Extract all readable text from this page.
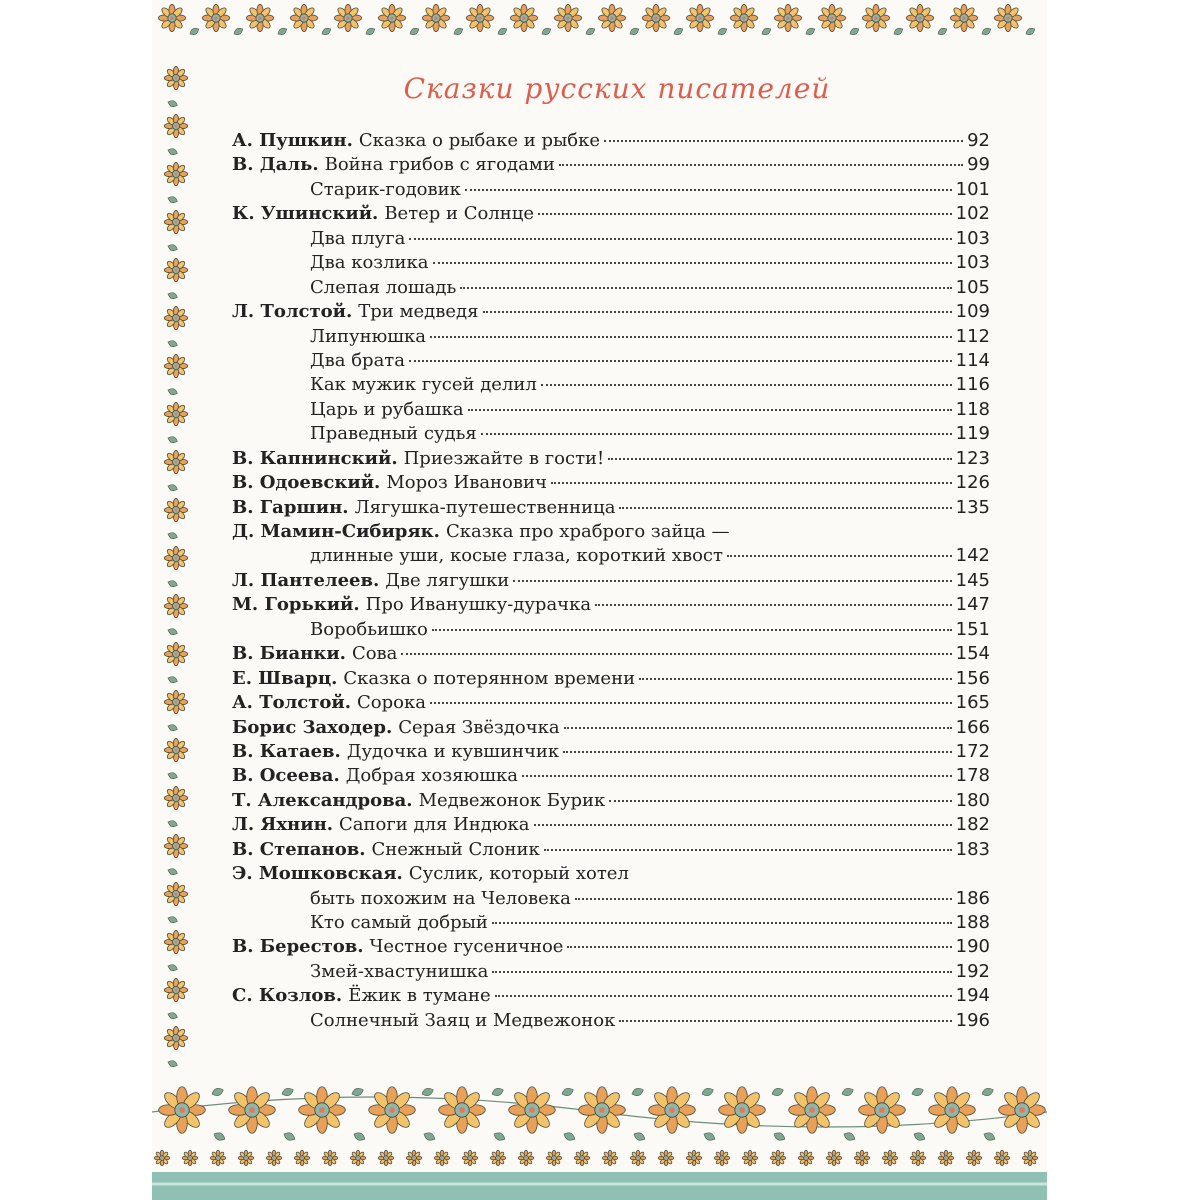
Сказки русских писателей
А. Пушкин. Сказка о рыбаке и рыбке	92
В. Даль. Война грибов с ягодами	99
Старик-годовик	101
К. Ушинский. Ветер и Солнце	102
Два плуга	103
Два козлика	103
Слепая лошадь	105
Л. Толстой. Три медведя	109
Липунюшка	112
Два брата	114
Как мужик гусей делил	116
Царь и рубашка	118
Праведный судья	119
В. Капнинский. Приезжайте в гости!	123
В. Одоевский. Мороз Иванович	126
В. Гаршин. Лягушка-путешественница	135
Д. Мамин-Сибиряк. Сказка про храброго зайца —
длинные уши, косые глаза, короткий хвост	142
Л. Пантелеев. Две лягушки	145
М. Горький. Про Иванушку-дурачка	147
Воробьишко	151
В. Бианки. Сова	154
Е. Шварц. Сказка о потерянном времени	156
А. Толстой. Сорока	165
Борис Заходер. Серая Звёздочка	166
В. Катаев. Дудочка и кувшинчик	172
В. Осеева. Добрая хозяюшка	178
Т. Александрова. Медвежонок Бурик	180
Л. Яхнин. Сапоги для Индюка	182
В. Степанов. Снежный Слоник	183
Э. Мошковская. Суслик, который хотел
быть похожим на Человека	186
Кто самый добрый	188
В. Берестов. Честное гусеничное	190
Змей-хвастунишка	192
С. Козлов. Ёжик в тумане	194
Солнечный Заяц и Медвежонок	196
